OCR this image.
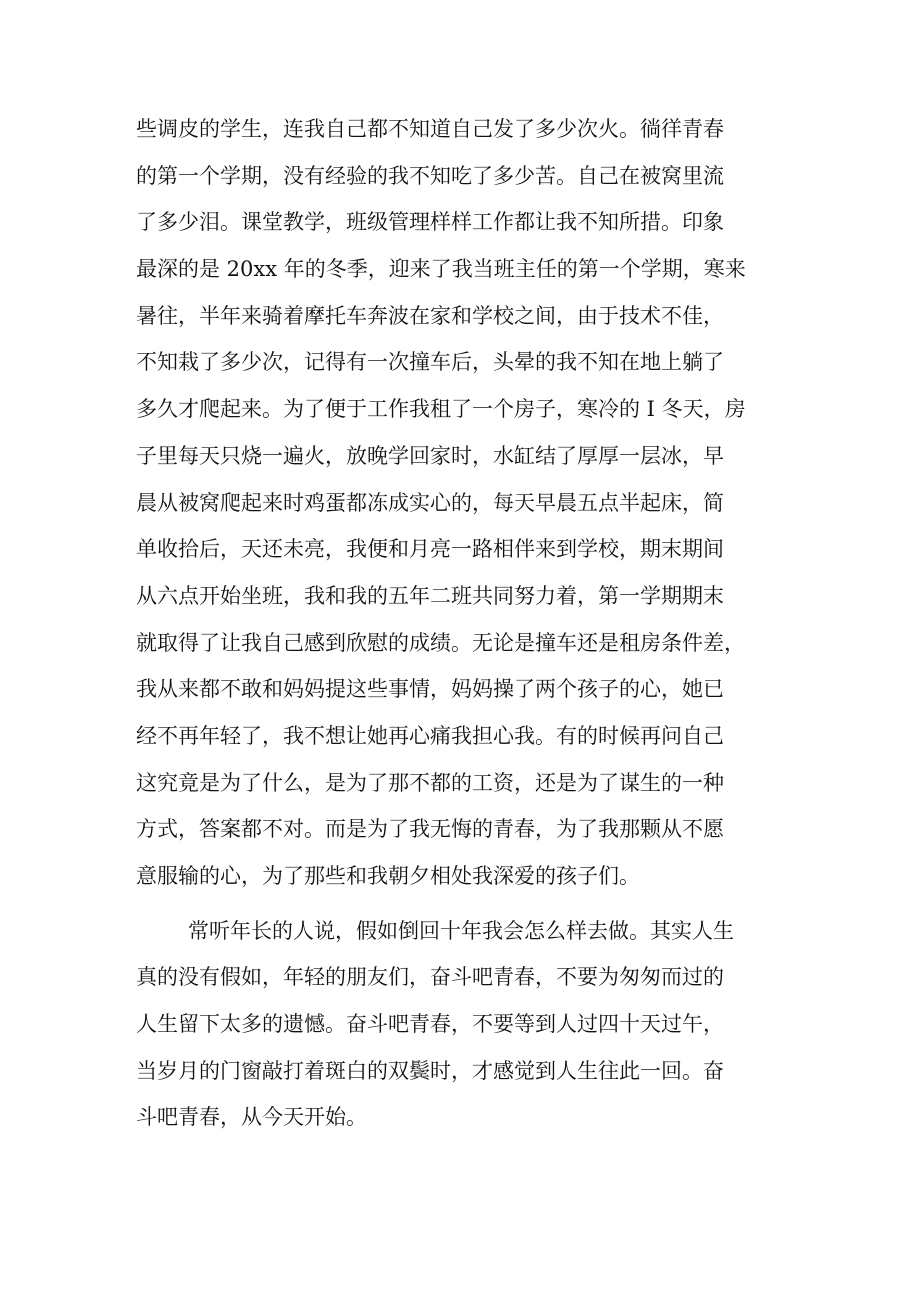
些调皮的学生，连我自己都不知道自己发了多少次火。徜徉青春
的第一个学期，没有经验的我不知吃了多少苦。自己在被窝里流
了多少泪。课堂教学，班级管理样样工作都让我不知所措。印象
最深的是 20xx 年的冬季，迎来了我当班主任的第一个学期，寒来
暑往，半年来骑着摩托车奔波在家和学校之间，由于技术不佳，
不知栽了多少次，记得有一次撞车后，头晕的我不知在地上躺了
多久才爬起来。为了便于工作我租了一个房子，寒冷的 I 冬天，房
子里每天只烧一遍火，放晚学回家时，水缸结了厚厚一层冰，早
晨从被窝爬起来时鸡蛋都冻成实心的，每天早晨五点半起床，简
单收拾后，天还未亮，我便和月亮一路相伴来到学校，期末期间
从六点开始坐班，我和我的五年二班共同努力着，第一学期期末
就取得了让我自己感到欣慰的成绩。无论是撞车还是租房条件差，
我从来都不敢和妈妈提这些事情，妈妈操了两个孩子的心，她已
经不再年轻了，我不想让她再心痛我担心我。有的时候再问自己
这究竟是为了什么，是为了那不都的工资，还是为了谋生的一种
方式，答案都不对。而是为了我无悔的青春，为了我那颗从不愿
意服输的心，为了那些和我朝夕相处我深爱的孩子们。
常听年长的人说，假如倒回十年我会怎么样去做。其实人生
真的没有假如，年轻的朋友们，奋斗吧青春，不要为匆匆而过的
人生留下太多的遗憾。奋斗吧青春，不要等到人过四十天过午，
当岁月的门窗敲打着斑白的双鬓时，才感觉到人生往此一回。奋
斗吧青春，从今天开始。
